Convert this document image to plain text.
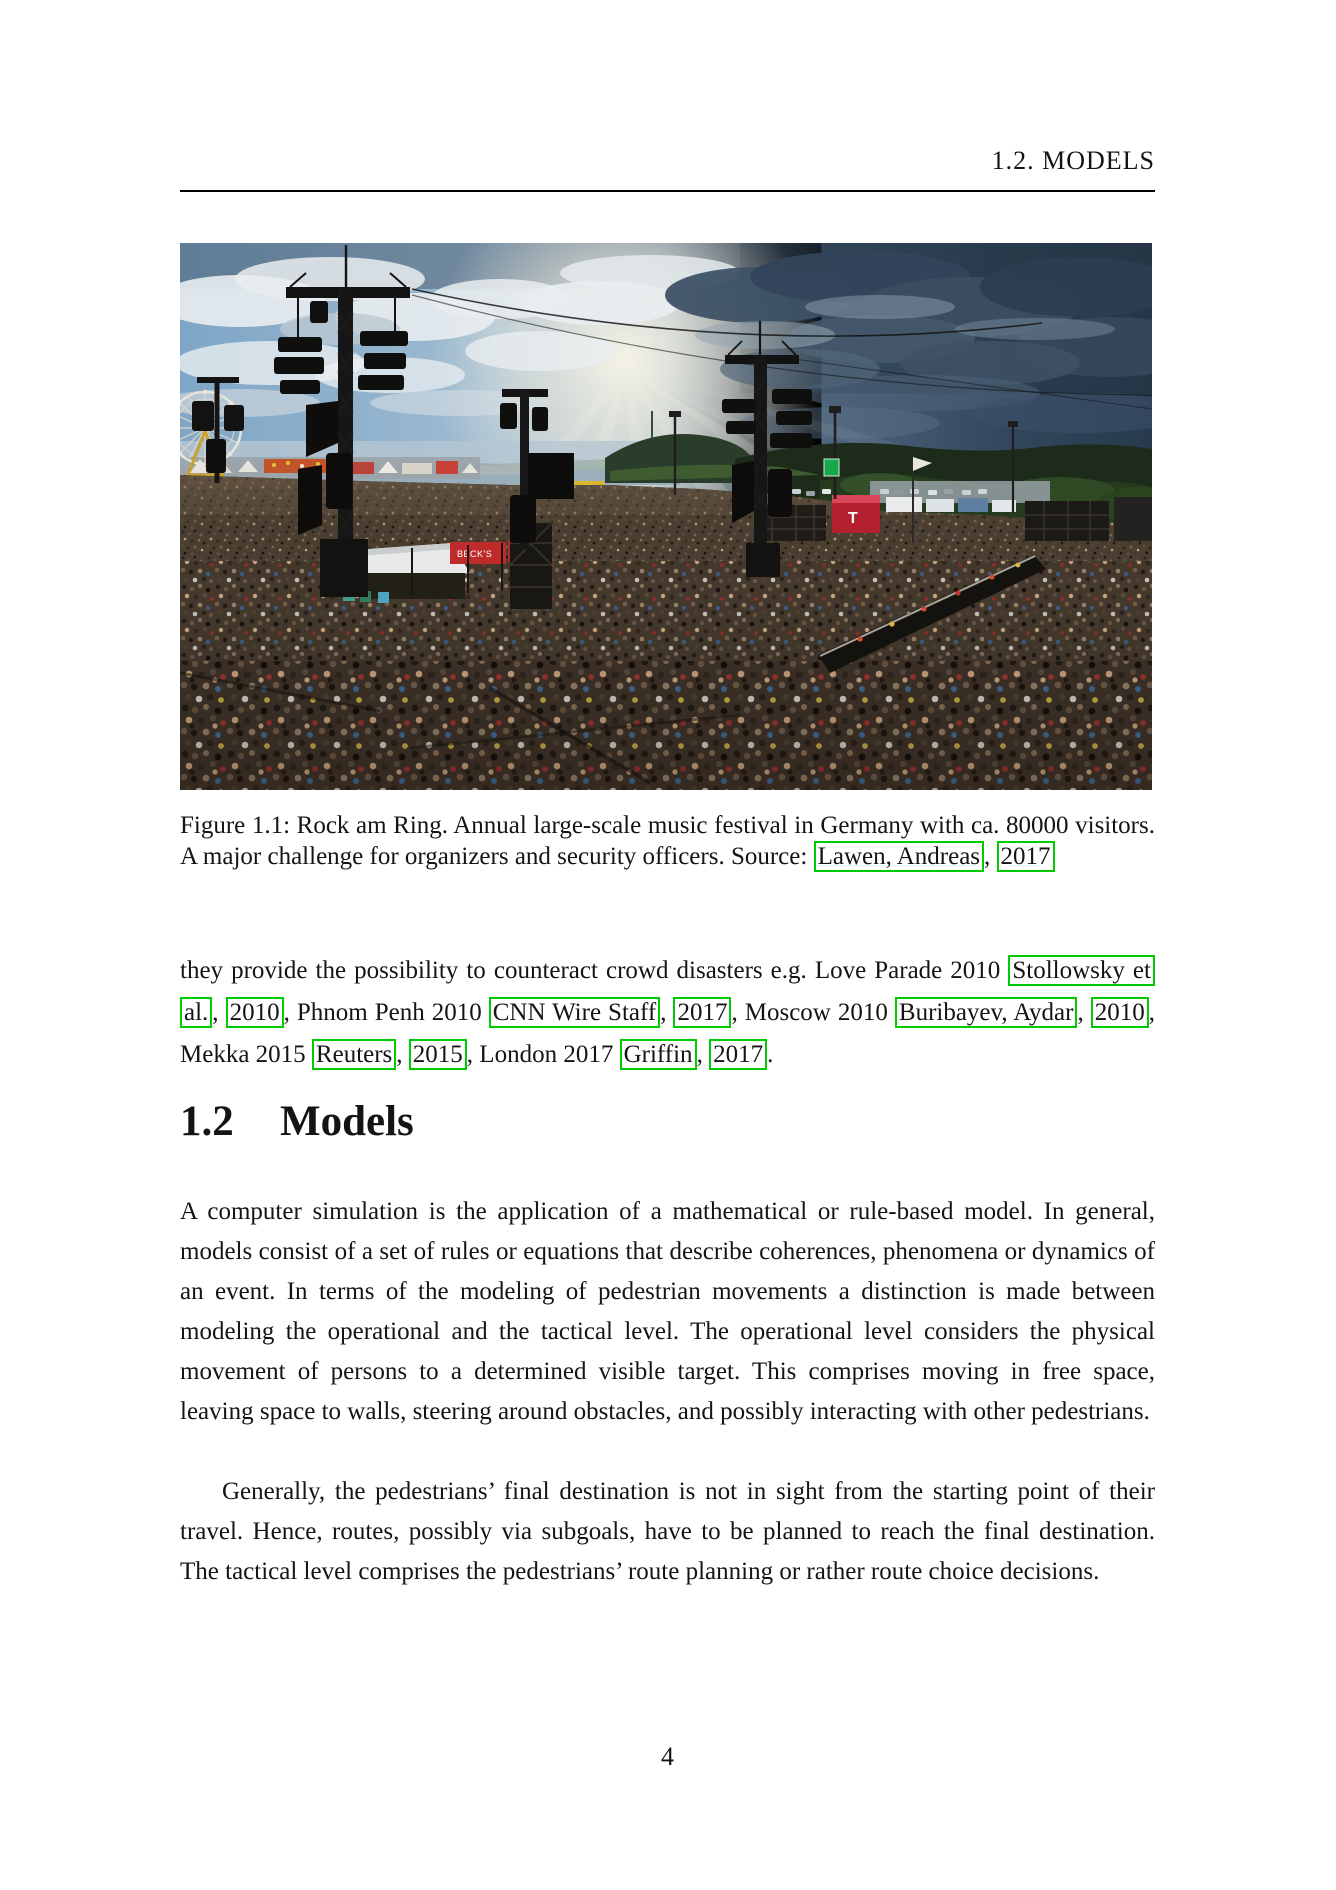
1.2. MODELS
BECK'S
T
Figure 1.1: Rock am Ring. Annual large-scale music festival in Germany with ca. 80000 visitors. A major challenge for organizers and security officers. Source: Lawen, Andreas , 2017
they provide the possibility to counteract crowd disasters e.g. Love Parade 2010 Stollowsky et al. , 2010 , Phnom Penh 2010 CNN Wire Staff , 2017 , Moscow 2010 Buribayev, Aydar , 2010 , Mekka 2015 Reuters , 2015 , London 2017 Griffin , 2017 .
1.2 Models
A computer simulation is the application of a mathematical or rule-based model. In general, models consist of a set of rules or equations that describe coherences, phenomena or dynamics of an event. In terms of the modeling of pedestrian movements a distinction is made between modeling the operational and the tactical level. The operational level considers the physical movement of persons to a determined visible target. This comprises moving in free space, leaving space to walls, steering around obstacles, and possibly interacting with other pedestrians.
Generally, the pedestrians’ final destination is not in sight from the starting point of their travel. Hence, routes, possibly via subgoals, have to be planned to reach the final destination. The tactical level comprises the pedestrians’ route planning or rather route choice decisions.
4
